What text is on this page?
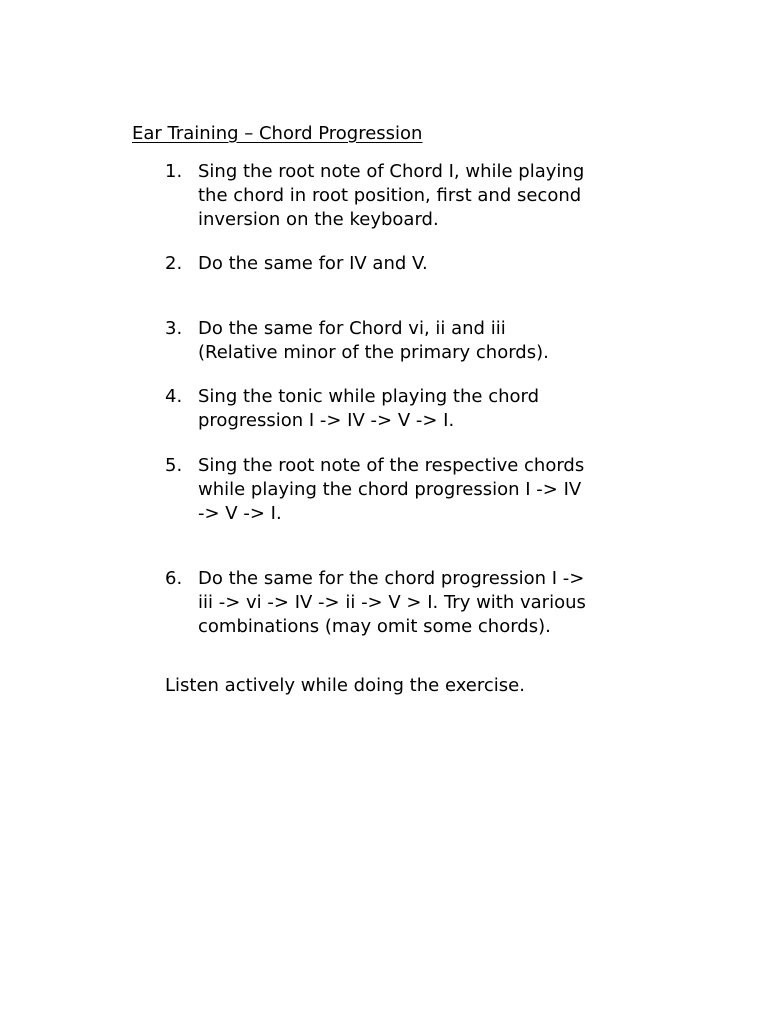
Ear Training – Chord Progression
1. Sing the root note of Chord I, while playing
the chord in root position, first and second
inversion on the keyboard.
2. Do the same for IV and V.
3. Do the same for Chord vi, ii and iii
(Relative minor of the primary chords).
4. Sing the tonic while playing the chord
progression I -> IV -> V -> I.
5. Sing the root note of the respective chords
while playing the chord progression I -> IV
-> V -> I.
6. Do the same for the chord progression I ->
iii -> vi -> IV -> ii -> V > I. Try with various
combinations (may omit some chords).

Listen actively while doing the exercise.
